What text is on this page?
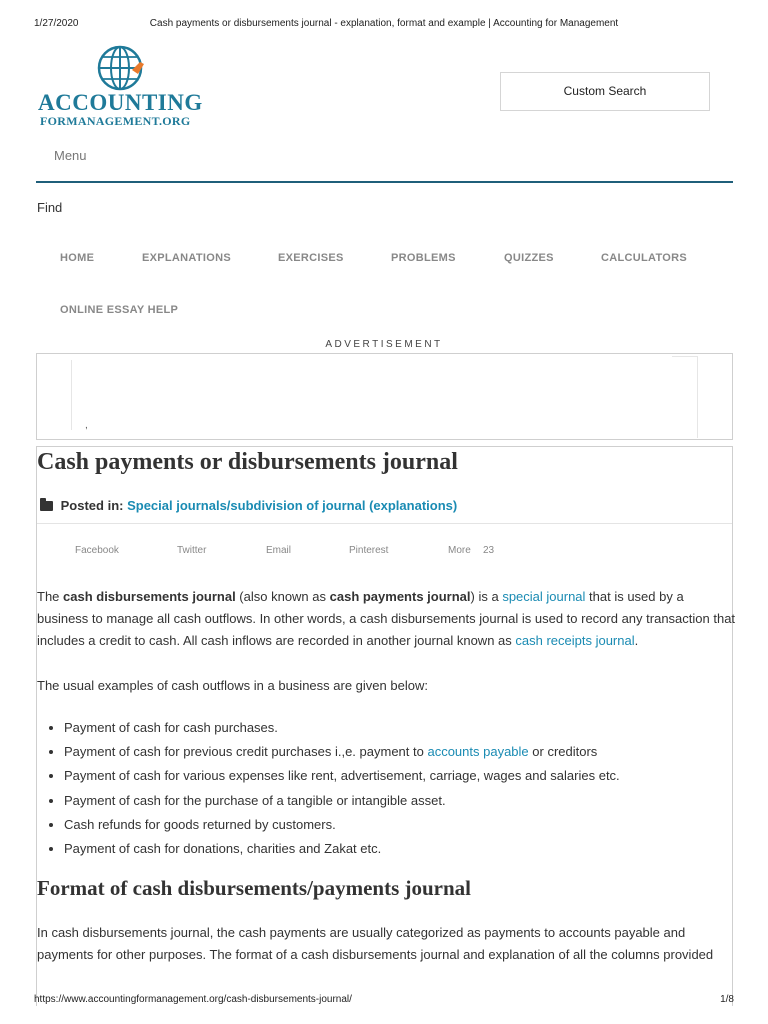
1/27/2020	Cash payments or disbursements journal - explanation, format and example | Accounting for Management
ACCOUNTING
FORMANAGEMENT.ORG
Custom Search
Menu
Find
HOME	EXPLANATIONS	EXERCISES	PROBLEMS	QUIZZES	CALCULATORS
ONLINE ESSAY HELP
ADVERTISEMENT
,
Cash payments or disbursements journal
Posted in: Special journals/subdivision of journal (explanations)
Facebook	Twitter	Email	Pinterest	More 23

The cash disbursements journal (also known as cash payments journal) is a special journal that is used by a business to manage all cash outflows. In other words, a cash disbursements journal is used to record any transaction that includes a credit to cash. All cash inflows are recorded in another journal known as cash receipts journal.

The usual examples of cash outflows in a business are given below:

• Payment of cash for cash purchases.
• Payment of cash for previous credit purchases i.,e. payment to accounts payable or creditors
• Payment of cash for various expenses like rent, advertisement, carriage, wages and salaries etc.
• Payment of cash for the purchase of a tangible or intangible asset.
• Cash refunds for goods returned by customers.
• Payment of cash for donations, charities and Zakat etc.
Format of cash disbursements/payments journal

In cash disbursements journal, the cash payments are usually categorized as payments to accounts payable and payments for other purposes. The format of a cash disbursements journal and explanation of all the columns provided

https://www.accountingformanagement.org/cash-disbursements-journal/	1/8
